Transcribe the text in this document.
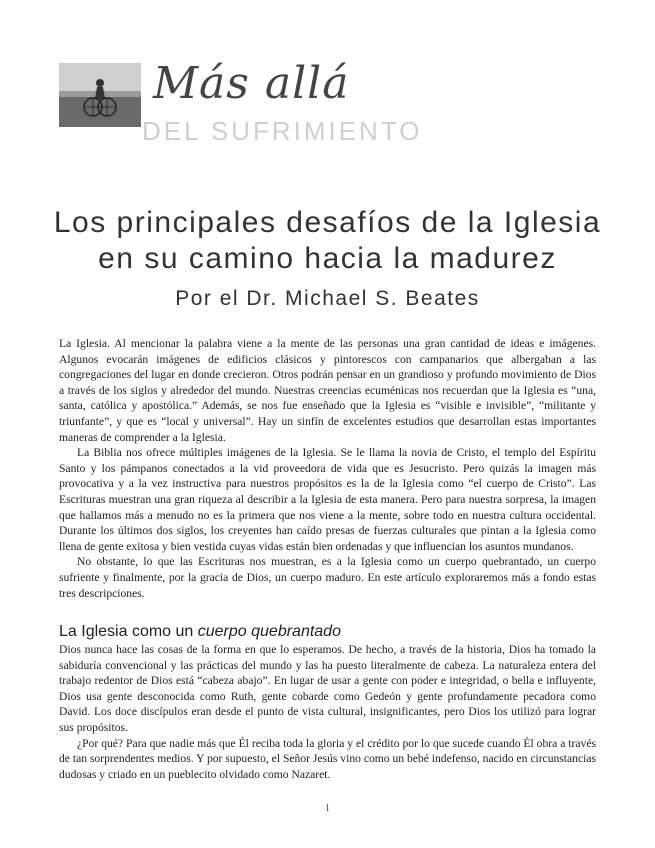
Más allá
DEL SUFRIMIENTO
Los principales desafíos de la Iglesia
en su camino hacia la madurez
Por el Dr. Michael S. Beates

La Iglesia. Al mencionar la palabra viene a la mente de las personas una gran cantidad de ideas e imágenes. Algunos evocarán imágenes de edificios clásicos y pintorescos con campanarios que albergaban a las congregaciones del lugar en donde crecieron. Otros podrán pensar en un grandioso y profundo movimiento de Dios a través de los siglos y alrededor del mundo. Nuestras creencias ecuménicas nos recuerdan que la Iglesia es “una, santa, católica y apostólica.” Además, se nos fue enseñado que la Iglesia es “visible e invisible”, “militante y triunfante”, y que es “local y universal”. Hay un sinfín de excelentes estudios que desarrollan estas importantes maneras de comprender a la Iglesia.

La Biblia nos ofrece múltiples imágenes de la Iglesia. Se le llama la novia de Cristo, el templo del Espíritu Santo y los pámpanos conectados a la vid proveedora de vida que es Jesucristo. Pero quizás la imagen más provocativa y a la vez instructiva para nuestros propósitos es la de la Iglesia como “el cuerpo de Cristo”. Las Escrituras muestran una gran riqueza al describir a la Iglesia de esta manera. Pero para nuestra sorpresa, la imagen que hallamos más a menudo no es la primera que nos viene a la mente, sobre todo en nuestra cultura occidental. Durante los últimos dos siglos, los creyentes han caído presas de fuerzas culturales que pintan a la Iglesia como llena de gente exitosa y bien vestida cuyas vidas están bien ordenadas y que influencian los asuntos mundanos.

No obstante, lo que las Escrituras nos muestran, es a la Iglesia como un cuerpo quebrantado, un cuerpo sufriente y finalmente, por la gracia de Dios, un cuerpo maduro. En este artículo exploraremos más a fondo estas tres descripciones.

La Iglesia como un cuerpo quebrantado

Dios nunca hace las cosas de la forma en que lo esperamos. De hecho, a través de la historia, Dios ha tomado la sabiduría convencional y las prácticas del mundo y las ha puesto literalmente de cabeza. La naturaleza entera del trabajo redentor de Dios está “cabeza abajo”. En lugar de usar a gente con poder e integridad, o bella e influyente, Dios usa gente desconocida como Ruth, gente cobarde como Gedeón y gente profundamente pecadora como David. Los doce discípulos eran desde el punto de vista cultural, insignificantes, pero Dios los utilizó para lograr sus propósitos.

¿Por qué? Para que nadie más que Él reciba toda la gloria y el crédito por lo que sucede cuando Él obra a través de tan sorprendentes medios. Y por supuesto, el Señor Jesús vino como un bebé indefenso, nacido en circunstancias dudosas y criado en un pueblecito olvidado como Nazaret.

1
